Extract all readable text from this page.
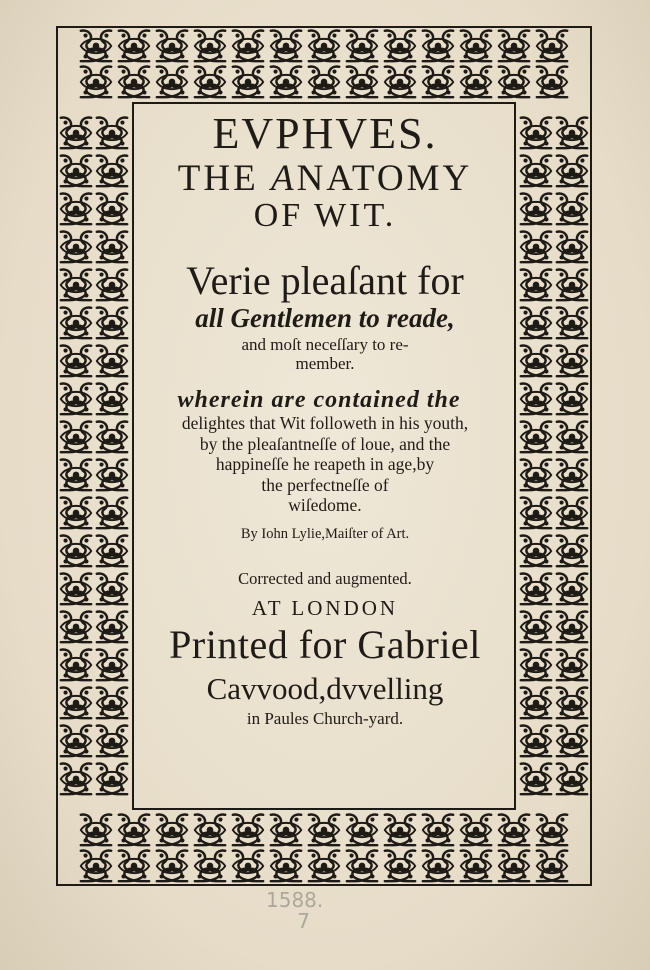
EVPHVES.
THE ANATOMY
OF WIT.
Verie pleaſant for
all Gentlemen to reade,
and moſt neceſſary to re-
member.
wherein are contained the
delightes that Wit followeth in his youth,
by the pleaſantneſſe of loue, and the
happineſſe he reapeth in age,by
the perfectneſſe of
wiſedome.
By Iohn Lylie,Maiſter of Art.
Corrected and augmented.
AT LONDON
Printed for Gabriel
Cavvood,dvvelling
in Paules Church-yard.
1588.
7
